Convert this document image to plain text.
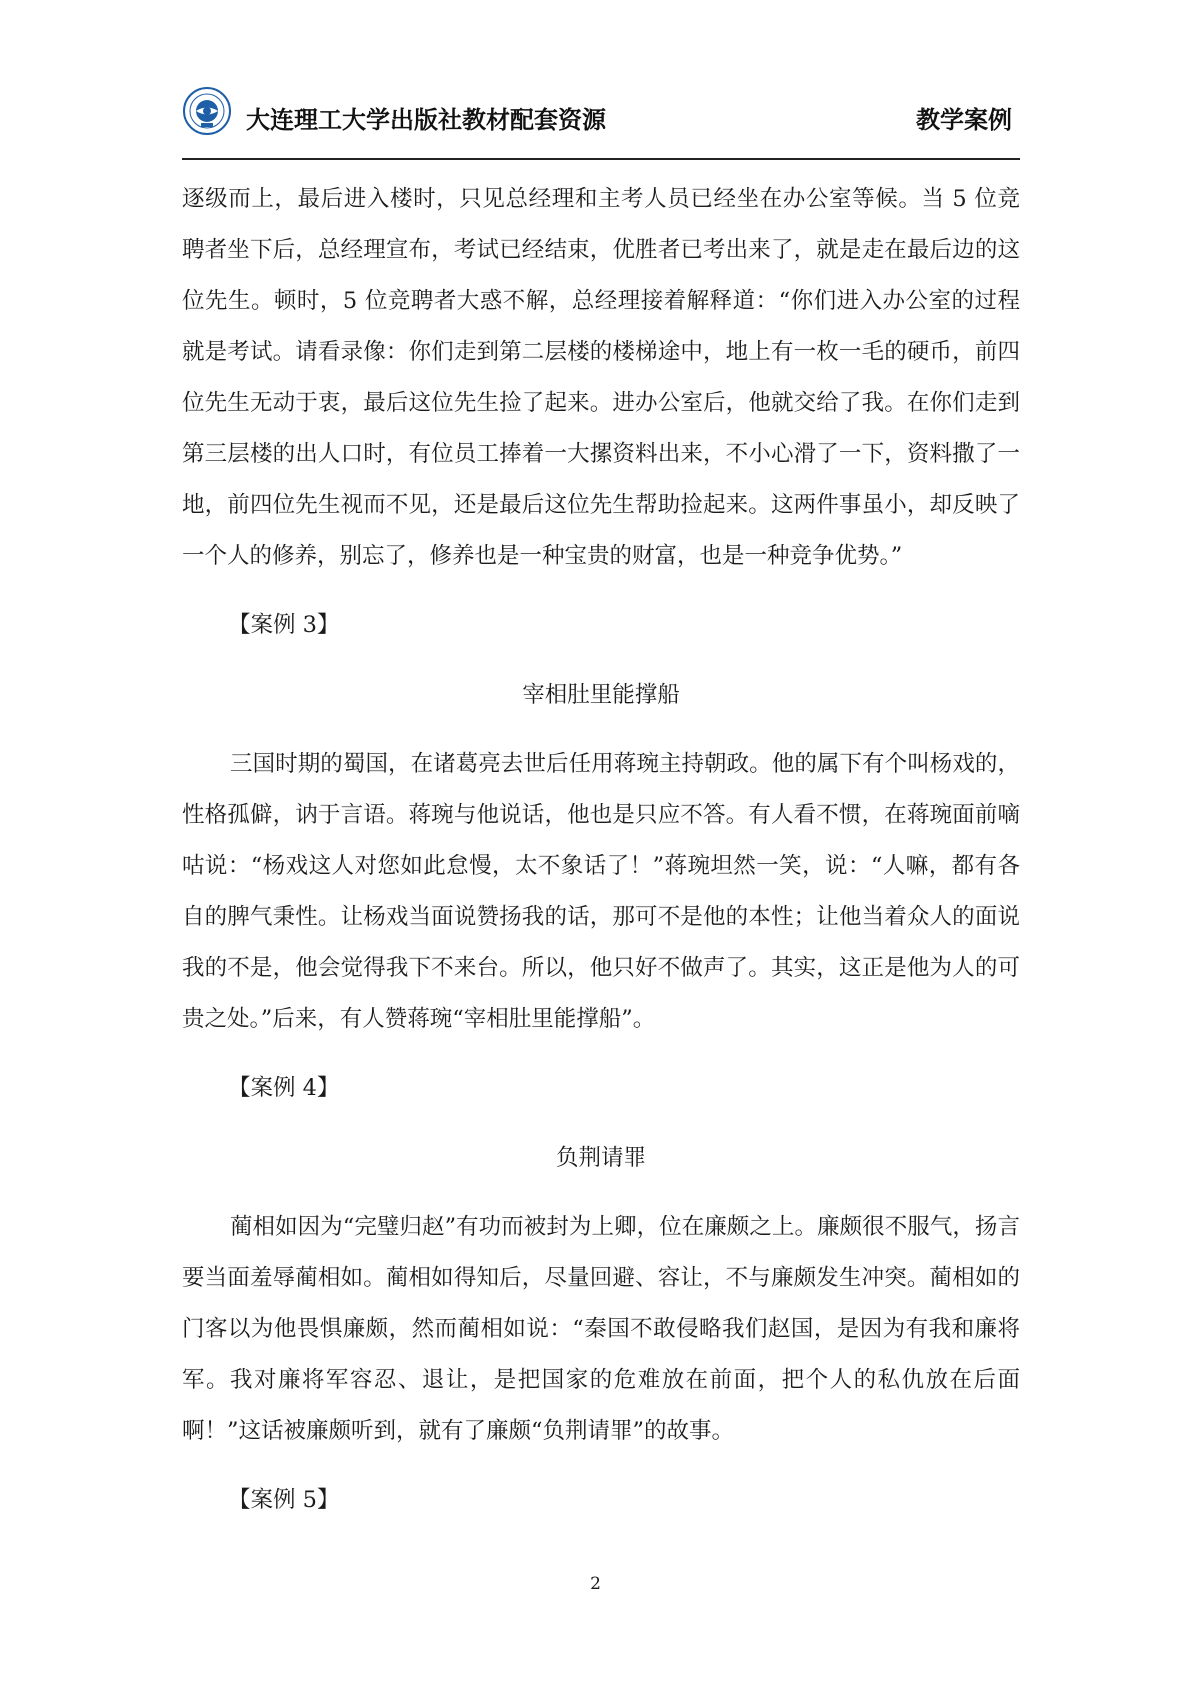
大连理工大学出版社教材配套资源	教学案例

逐级而上，最后进入楼时，只见总经理和主考人员已经坐在办公室等候。当 5 位竞聘者坐下后，总经理宣布，考试已经结束，优胜者已考出来了，就是走在最后边的这位先生。顿时，5 位竞聘者大惑不解，总经理接着解释道：“你们进入办公室的过程就是考试。请看录像：你们走到第二层楼的楼梯途中，地上有一枚一毛的硬币，前四位先生无动于衷，最后这位先生捡了起来。进办公室后，他就交给了我。在你们走到第三层楼的出人口时，有位员工捧着一大摞资料出来，不小心滑了一下，资料撒了一地，前四位先生视而不见，还是最后这位先生帮助捡起来。这两件事虽小，却反映了一个人的修养，别忘了，修养也是一种宝贵的财富，也是一种竞争优势。”

【案例 3】
宰相肚里能撑船

三国时期的蜀国，在诸葛亮去世后任用蒋琬主持朝政。他的属下有个叫杨戏的，性格孤僻，讷于言语。蒋琬与他说话，他也是只应不答。有人看不惯，在蒋琬面前嘀咕说：“杨戏这人对您如此怠慢，太不象话了！”蒋琬坦然一笑，说：“人嘛，都有各自的脾气秉性。让杨戏当面说赞扬我的话，那可不是他的本性；让他当着众人的面说我的不是，他会觉得我下不来台。所以，他只好不做声了。其实，这正是他为人的可贵之处。”后来，有人赞蒋琬“宰相肚里能撑船”。

【案例 4】
负荆请罪

蔺相如因为“完璧归赵”有功而被封为上卿，位在廉颇之上。廉颇很不服气，扬言要当面羞辱蔺相如。蔺相如得知后，尽量回避、容让，不与廉颇发生冲突。蔺相如的门客以为他畏惧廉颇，然而蔺相如说：“秦国不敢侵略我们赵国，是因为有我和廉将军。我对廉将军容忍、退让，是把国家的危难放在前面，把个人的私仇放在后面啊！”这话被廉颇听到，就有了廉颇“负荆请罪”的故事。

【案例 5】
2
